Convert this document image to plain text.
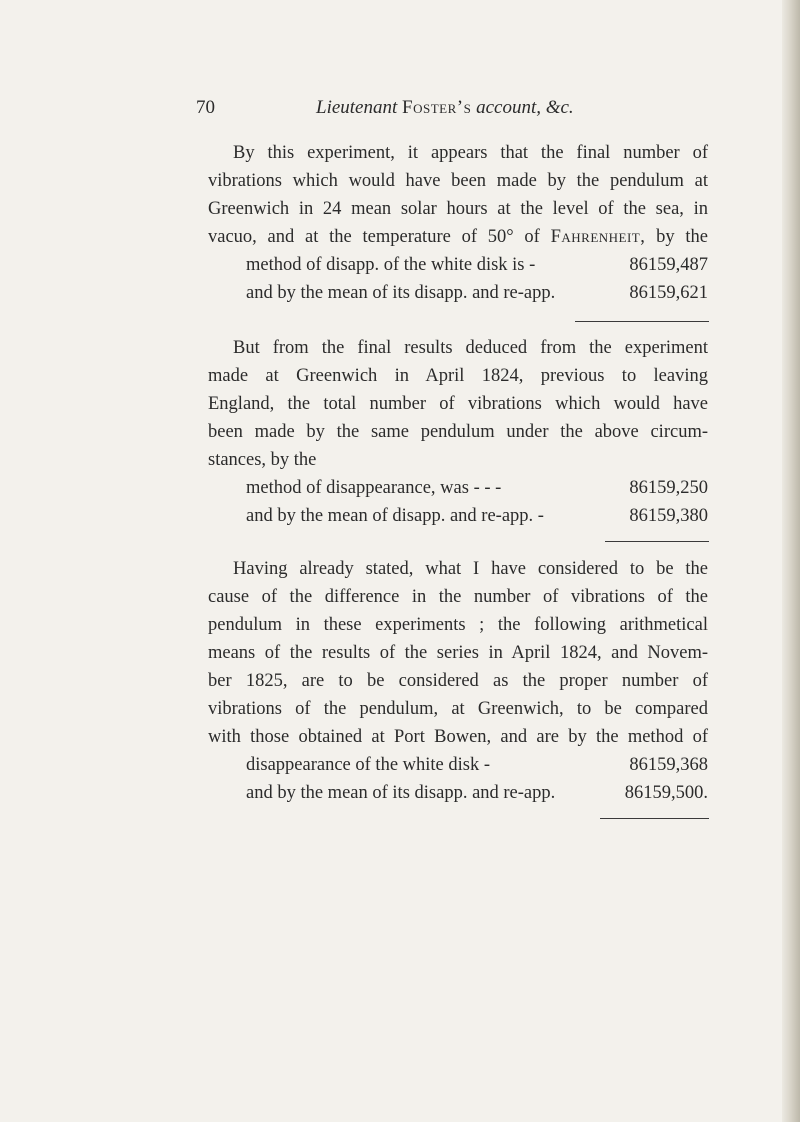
70	Lieutenant Foster’s account, &c.
By this experiment, it appears that the final number of
vibrations which would have been made by the pendulum at
Greenwich in 24 mean solar hours at the level of the sea, in
vacuo, and at the temperature of 50° of Fahrenheit, by the
method of disapp. of the white disk is -	86159,487
and by the mean of its disapp. and re-app.	86159,621
But from the final results deduced from the experiment
made at Greenwich in April 1824, previous to leaving
England, the total number of vibrations which would have
been made by the same pendulum under the above circum-
stances, by the
method of disappearance, was - - -	86159,250
and by the mean of disapp. and re-app. -	86159,380
Having already stated, what I have considered to be the
cause of the difference in the number of vibrations of the
pendulum in these experiments ; the following arithmetical
means of the results of the series in April 1824, and Novem-
ber 1825, are to be considered as the proper number of
vibrations of the pendulum, at Greenwich, to be compared
with those obtained at Port Bowen, and are by the method of
disappearance of the white disk -	86159,368
and by the mean of its disapp. and re-app.	86159,500.
